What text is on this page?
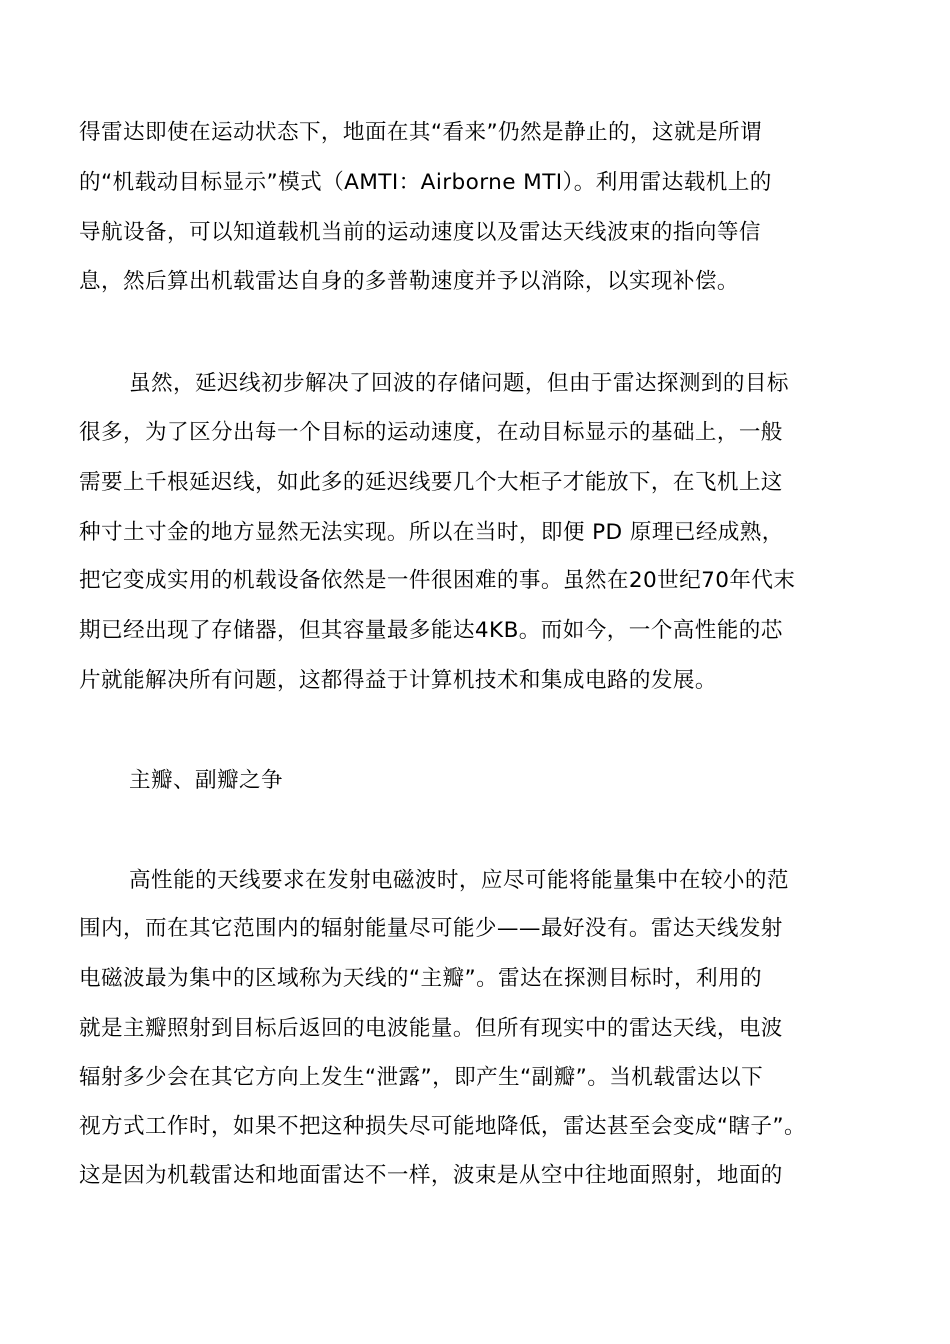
得雷达即使在运动状态下，地面在其“看来”仍然是静止的，这就是所谓
的“机载动目标显示”模式（AMTI：Airborne MTI）。利用雷达载机上的
导航设备，可以知道载机当前的运动速度以及雷达天线波束的指向等信
息，然后算出机载雷达自身的多普勒速度并予以消除，以实现补偿。
虽然，延迟线初步解决了回波的存储问题，但由于雷达探测到的目标
很多，为了区分出每一个目标的运动速度，在动目标显示的基础上，一般
需要上千根延迟线，如此多的延迟线要几个大柜子才能放下，在飞机上这
种寸土寸金的地方显然无法实现。所以在当时，即便 PD 原理已经成熟，
把它变成实用的机载设备依然是一件很困难的事。虽然在20世纪70年代末
期已经出现了存储器，但其容量最多能达4KB。而如今，一个高性能的芯
片就能解决所有问题，这都得益于计算机技术和集成电路的发展。
主瓣、副瓣之争
高性能的天线要求在发射电磁波时，应尽可能将能量集中在较小的范
围内，而在其它范围内的辐射能量尽可能少——最好没有。雷达天线发射
电磁波最为集中的区域称为天线的“主瓣”。雷达在探测目标时，利用的
就是主瓣照射到目标后返回的电波能量。但所有现实中的雷达天线，电波
辐射多少会在其它方向上发生“泄露”，即产生“副瓣”。当机载雷达以下
视方式工作时，如果不把这种损失尽可能地降低，雷达甚至会变成“瞎子”。
这是因为机载雷达和地面雷达不一样，波束是从空中往地面照射，地面的
